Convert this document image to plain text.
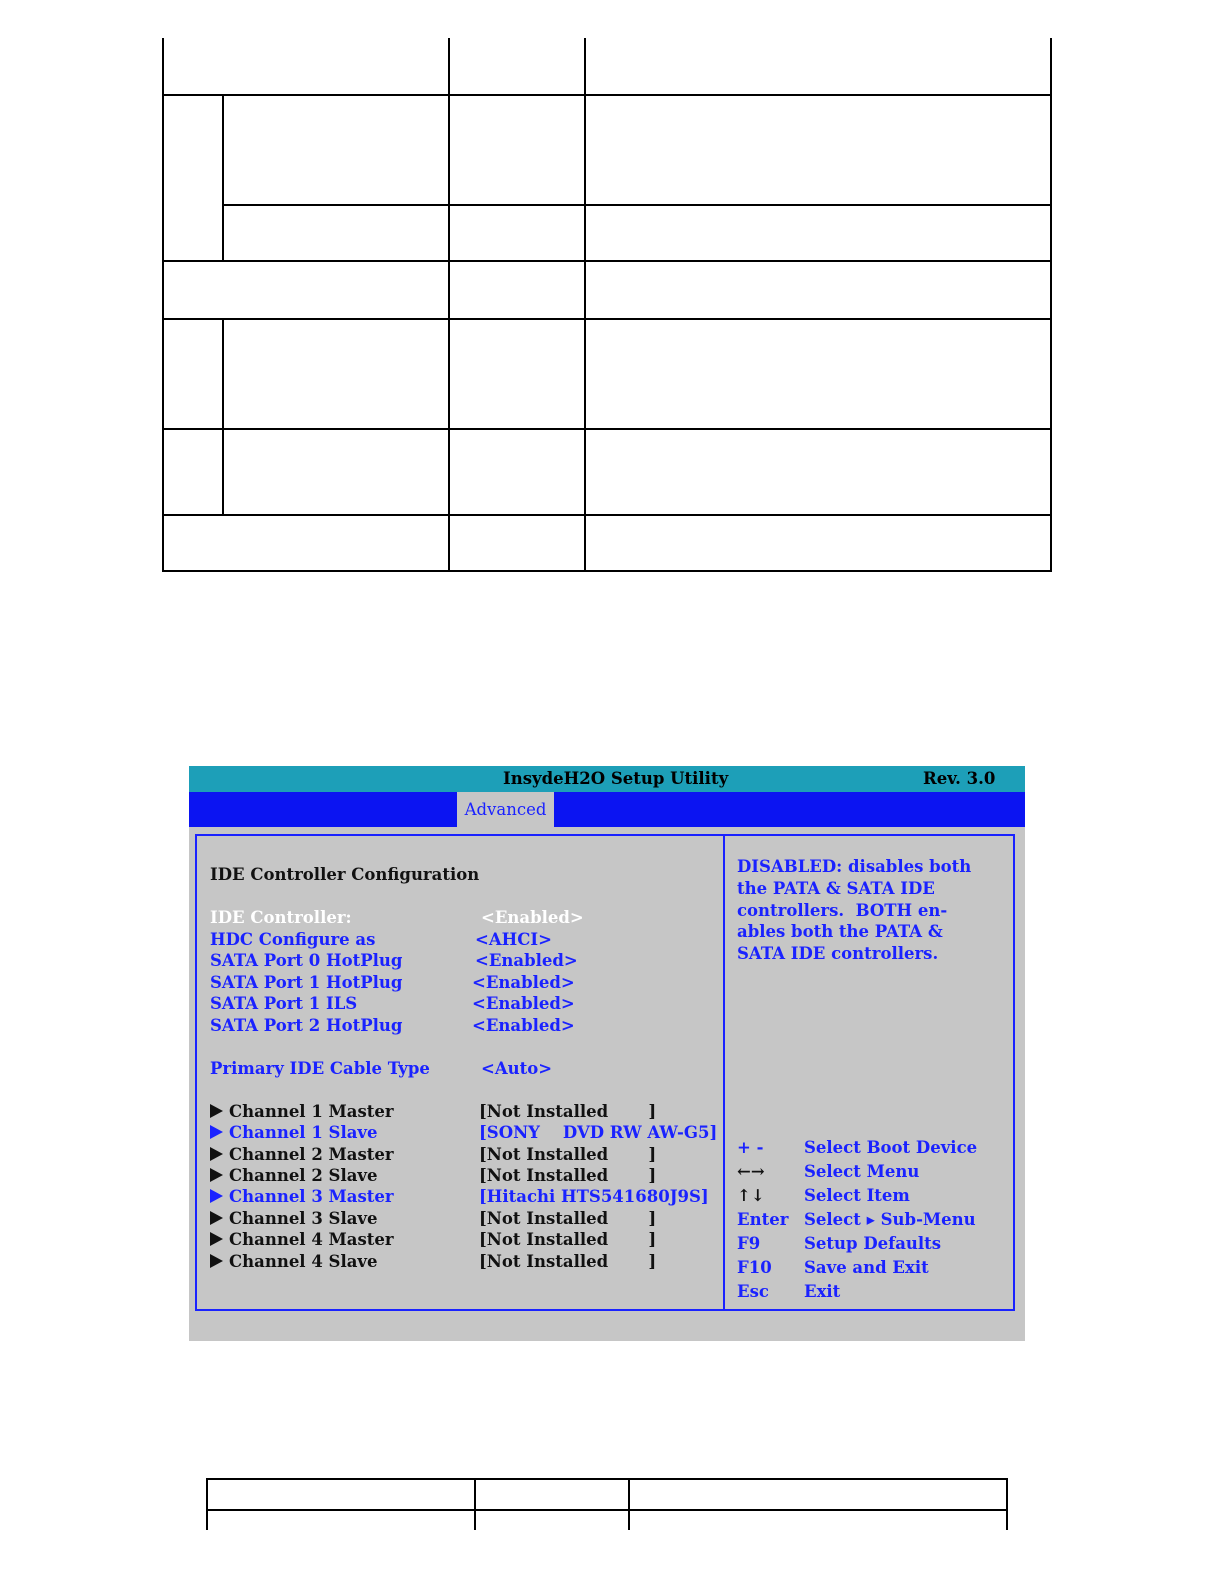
InsydeH2O Setup Utility	Rev. 3.0
Advanced
IDE Controller Configuration
IDE Controller:	<Enabled>
HDC Configure as	<AHCI>
SATA Port 0 HotPlug	<Enabled>
SATA Port 1 HotPlug	<Enabled>
SATA Port 1 ILS	<Enabled>
SATA Port 2 HotPlug	<Enabled>
Primary IDE Cable Type	<Auto>
Channel 1 Master	[Not Installed       ]
Channel 1 Slave	[SONY    DVD RW AW-G5]
Channel 2 Master	[Not Installed       ]
Channel 2 Slave	[Not Installed       ]
Channel 3 Master	[Hitachi HTS541680J9S]
Channel 3 Slave	[Not Installed       ]
Channel 4 Master	[Not Installed       ]
Channel 4 Slave	[Not Installed       ]
DISABLED: disables both
the PATA & SATA IDE
controllers.  BOTH en-
ables both the PATA &
SATA IDE controllers.
+ - Select Boot Device
←→ Select Menu
↑↓ Select Item
Enter Select ▸ Sub-Menu
F9	Setup Defaults
F10 Save and Exit
Esc Exit
